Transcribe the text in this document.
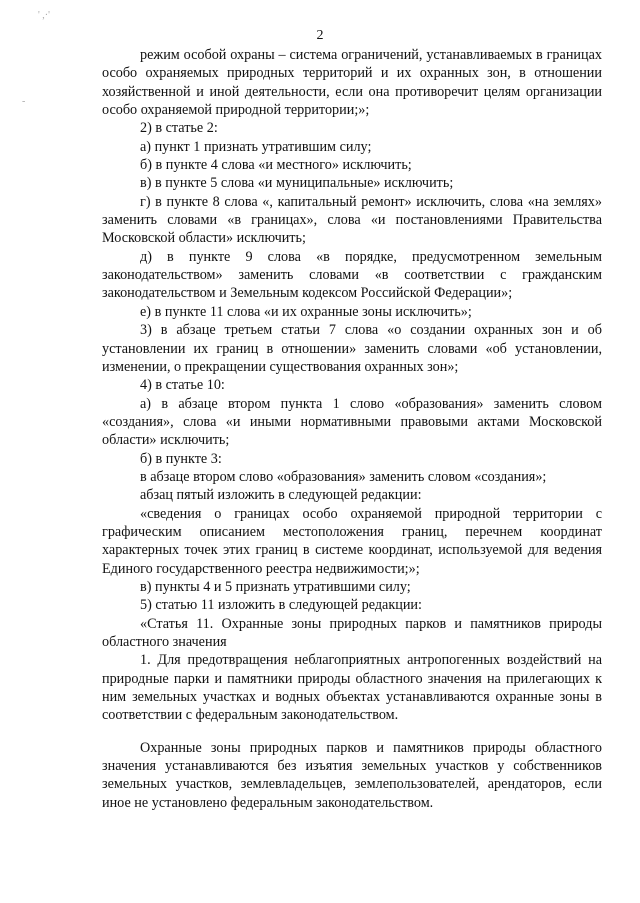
' ,·'
-
2

режим особой охраны – система ограничений, устанавливаемых в границах особо охраняемых природных территорий и их охранных зон, в отношении хозяйственной и иной деятельности, если она противоречит целям организации особо охраняемой природной территории;»;

2) в статье 2:

а) пункт 1 признать утратившим силу;

б) в пункте 4 слова «и местного» исключить;

в) в пункте 5 слова «и муниципальные» исключить;

г) в пункте 8 слова «, капитальный ремонт» исключить, слова «на землях» заменить словами «в границах», слова «и постановлениями Правительства Московской области» исключить;

д) в пункте 9 слова «в порядке, предусмотренном земельным законодательством» заменить словами «в соответствии с гражданским законодательством и Земельным кодексом Российской Федерации»;

е) в пункте 11 слова «и их охранные зоны исключить»;

3) в абзаце третьем статьи 7 слова «о создании охранных зон и об установлении их границ в отношении» заменить словами «об установлении, изменении, о прекращении существования охранных зон»;

4) в статье 10:

а) в абзаце втором пункта 1 слово «образования» заменить словом «создания», слова «и иными нормативными правовыми актами Московской области» исключить;

б) в пункте 3:

в абзаце втором слово «образования» заменить словом «создания»;

абзац пятый изложить в следующей редакции:

«сведения о границах особо охраняемой природной территории с графическим описанием местоположения границ, перечнем координат характерных точек этих границ в системе координат, используемой для ведения Единого государственного реестра недвижимости;»;

в) пункты 4 и 5 признать утратившими силу;

5) статью 11 изложить в следующей редакции:

«Статья 11. Охранные зоны природных парков и памятников природы областного значения

1. Для предотвращения неблагоприятных антропогенных воздействий на природные парки и памятники природы областного значения на прилегающих к ним земельных участках и водных объектах устанавливаются охранные зоны в соответствии с федеральным законодательством.

Охранные зоны природных парков и памятников природы областного значения устанавливаются без изъятия земельных участков у собственников земельных участков, землевладельцев, землепользователей, арендаторов, если иное не установлено федеральным законодательством.
